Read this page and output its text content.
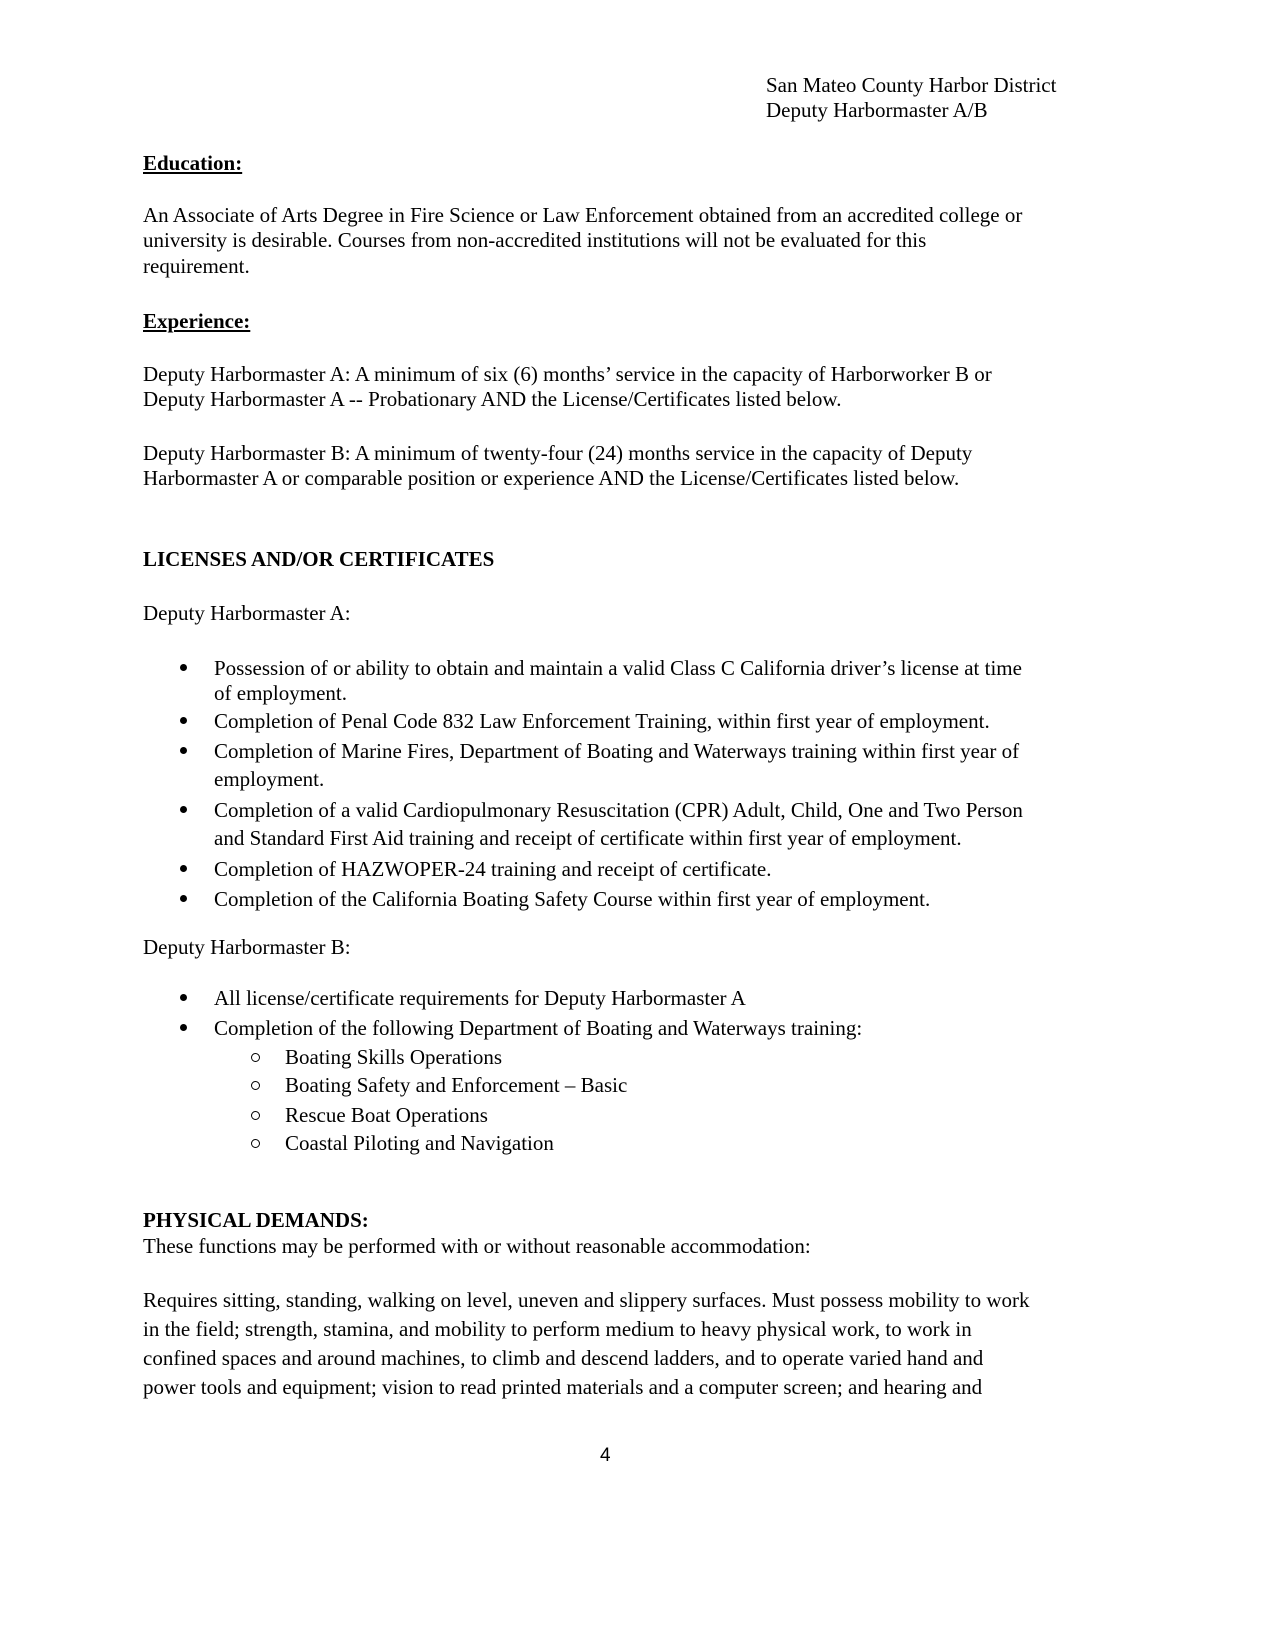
San Mateo County Harbor District
Deputy Harbormaster A/B
Education:
An Associate of Arts Degree in Fire Science or Law Enforcement obtained from an accredited college or
university is desirable. Courses from non-accredited institutions will not be evaluated for this
requirement.
Experience:
Deputy Harbormaster A: A minimum of six (6) months’ service in the capacity of Harborworker B or
Deputy Harbormaster A -- Probationary AND the License/Certificates listed below.
Deputy Harbormaster B: A minimum of twenty-four (24) months service in the capacity of Deputy
Harbormaster A or comparable position or experience AND the License/Certificates listed below.
LICENSES AND/OR CERTIFICATES
Deputy Harbormaster A:
Possession of or ability to obtain and maintain a valid Class C California driver’s license at time
of employment.
Completion of Penal Code 832 Law Enforcement Training, within first year of employment.
Completion of Marine Fires, Department of Boating and Waterways training within first year of
employment.
Completion of a valid Cardiopulmonary Resuscitation (CPR) Adult, Child, One and Two Person
and Standard First Aid training and receipt of certificate within first year of employment.
Completion of HAZWOPER-24 training and receipt of certificate.
Completion of the California Boating Safety Course within first year of employment.
Deputy Harbormaster B:
All license/certificate requirements for Deputy Harbormaster A
Completion of the following Department of Boating and Waterways training:
Boating Skills Operations
Boating Safety and Enforcement – Basic
Rescue Boat Operations
Coastal Piloting and Navigation
PHYSICAL DEMANDS:
These functions may be performed with or without reasonable accommodation:
Requires sitting, standing, walking on level, uneven and slippery surfaces. Must possess mobility to work
in the field; strength, stamina, and mobility to perform medium to heavy physical work, to work in
confined spaces and around machines, to climb and descend ladders, and to operate varied hand and
power tools and equipment; vision to read printed materials and a computer screen; and hearing and
4
